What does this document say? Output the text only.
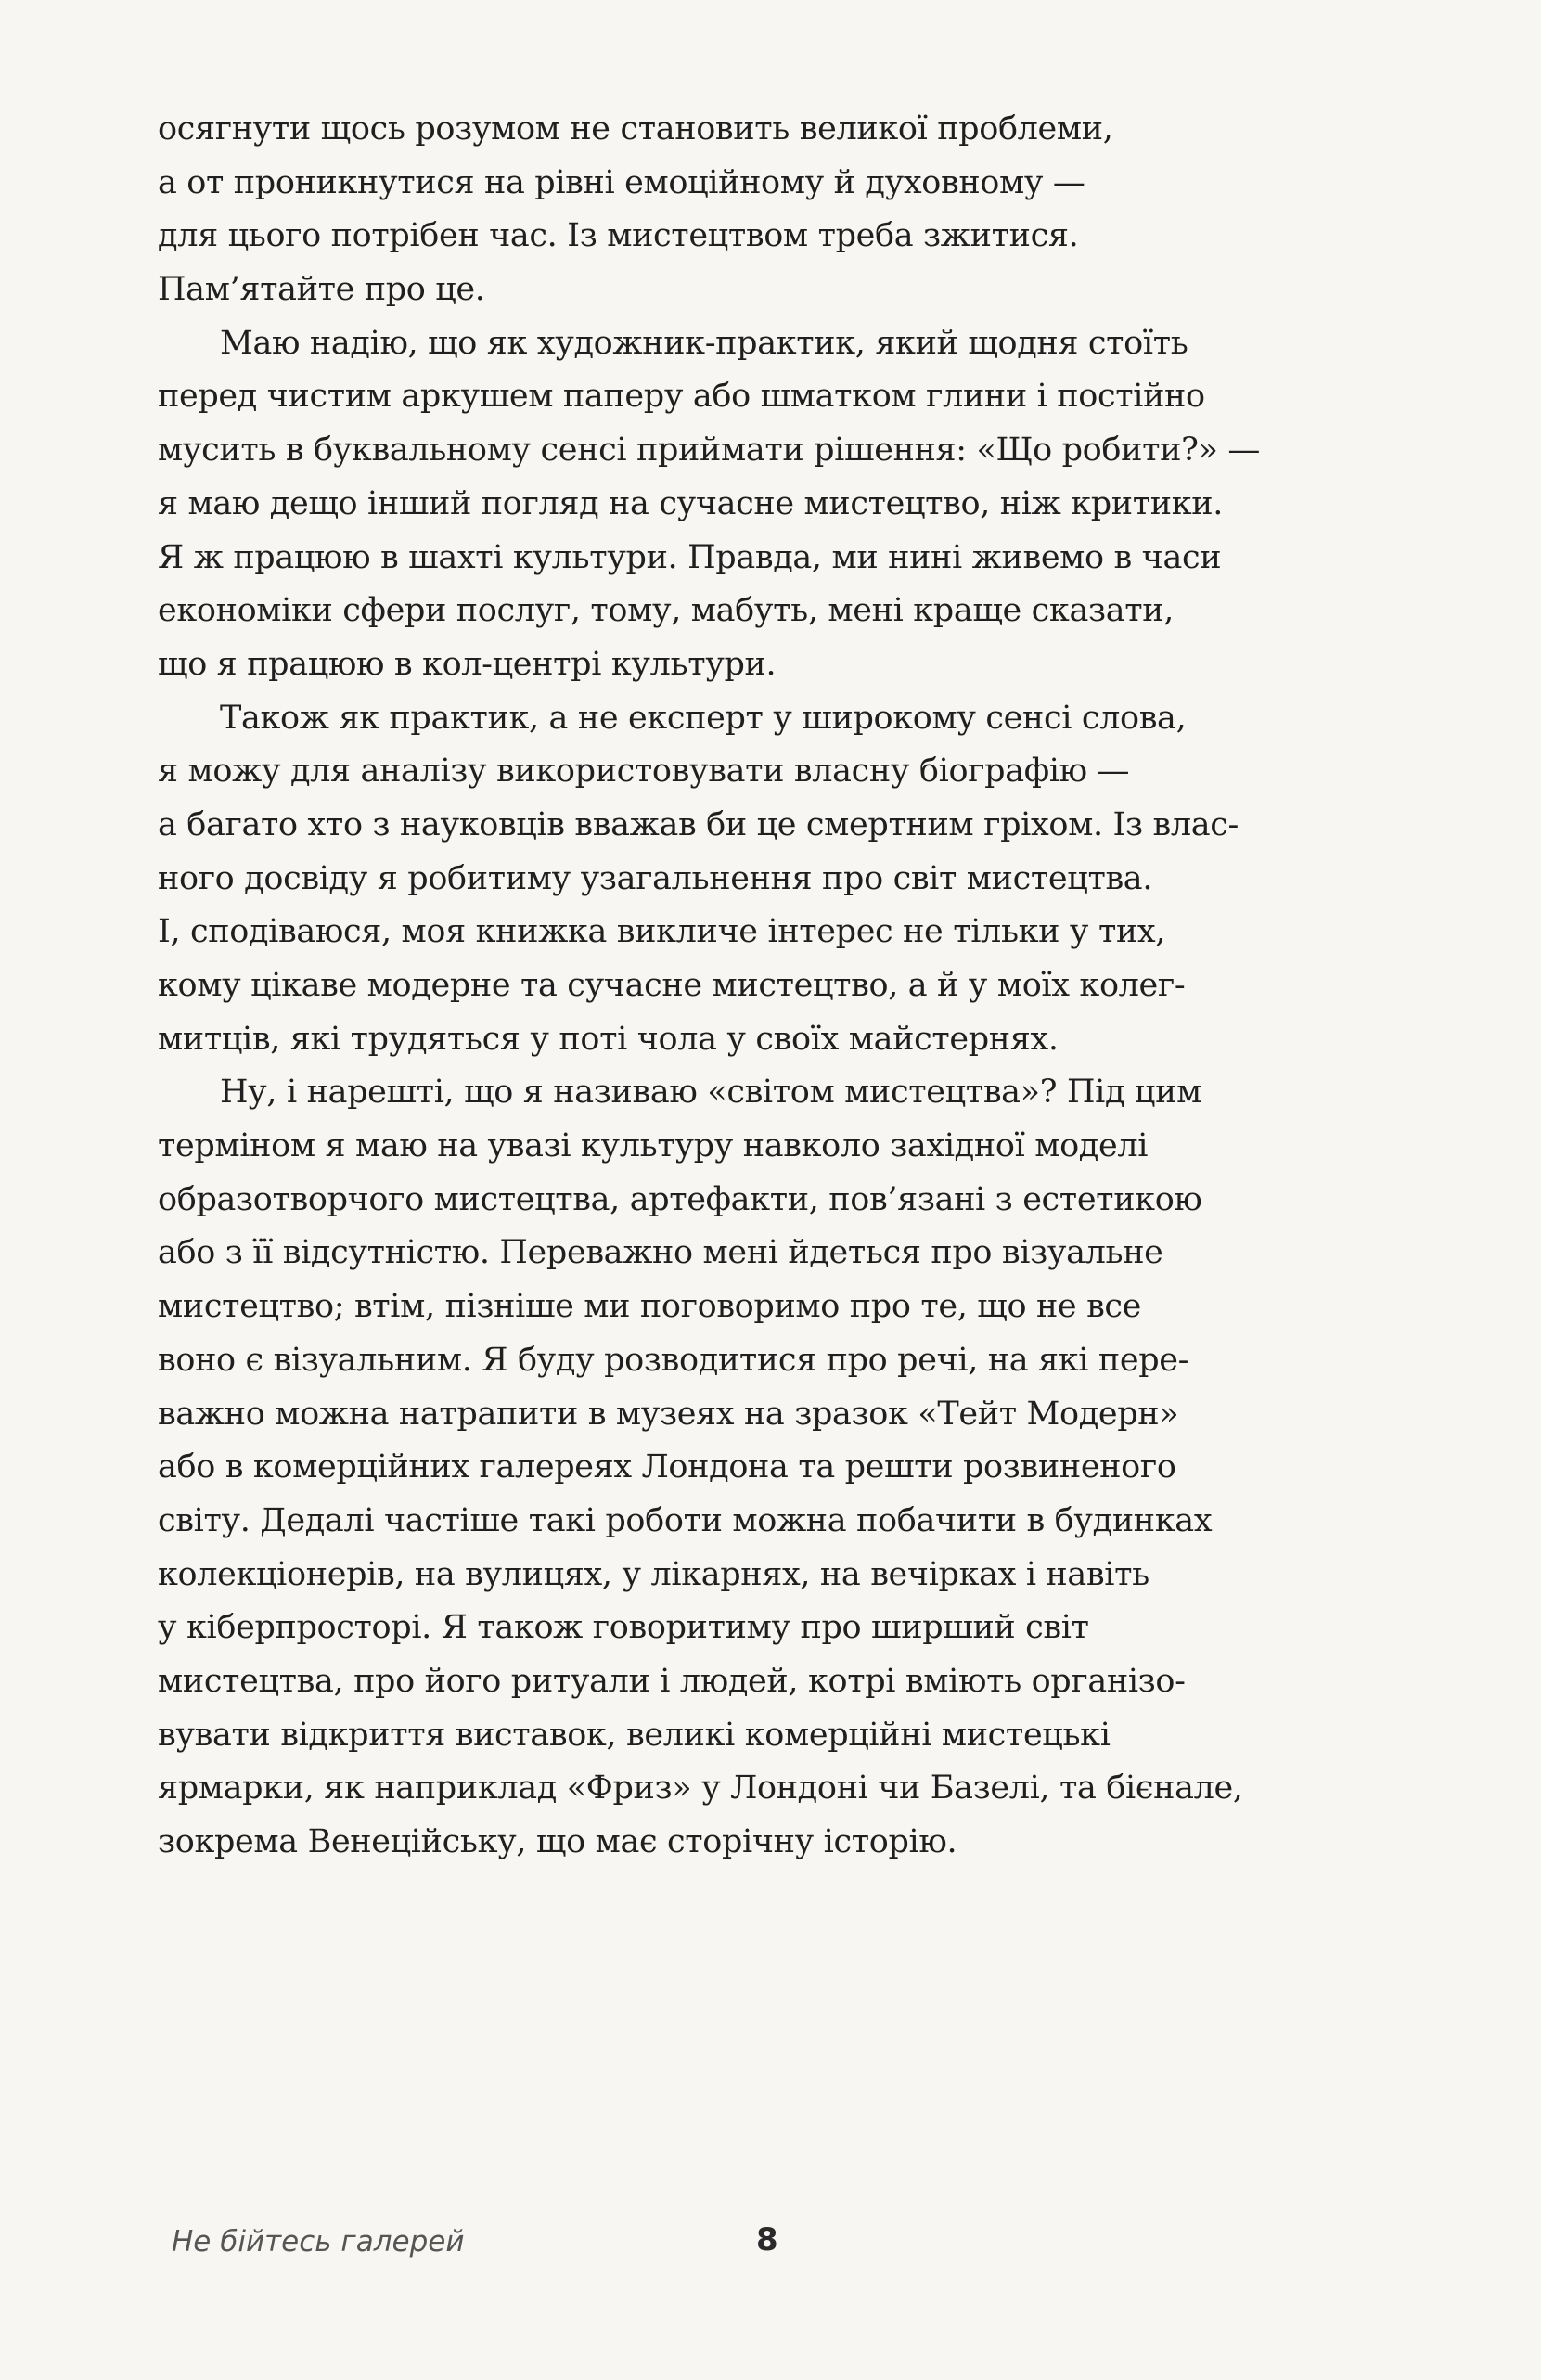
осягнути щось розумом не становить великої проблеми,
а от проникнутися на рівні емоційному й духовному —
для цього потрібен час. Із мистецтвом треба зжитися.
Пам’ятайте про це.
Маю надію, що як художник-практик, який щодня стоїть
перед чистим аркушем паперу або шматком глини і постійно
мусить в буквальному сенсі приймати рішення: «Що робити?» —
я маю дещо інший погляд на сучасне мистецтво, ніж критики.
Я ж працюю в шахті культури. Правда, ми нині живемо в часи
економіки сфери послуг, тому, мабуть, мені краще сказати,
що я працюю в кол-центрі культури.
Також як практик, а не експерт у широкому сенсі слова,
я можу для аналізу використовувати власну біографію —
а багато хто з науковців вважав би це смертним гріхом. Із влас-
ного досвіду я робитиму узагальнення про світ мистецтва.
І, сподіваюся, моя книжка викличе інтерес не тільки у тих,
кому цікаве модерне та сучасне мистецтво, а й у моїх колег-
митців, які трудяться у поті чола у своїх майстернях.
Ну, і нарешті, що я називаю «світом мистецтва»? Під цим
терміном я маю на увазі культуру навколо західної моделі
образотворчого мистецтва, артефакти, пов’язані з естетикою
або з її відсутністю. Переважно мені йдеться про візуальне
мистецтво; втім, пізніше ми поговоримо про те, що не все
воно є візуальним. Я буду розводитися про речі, на які пере-
важно можна натрапити в музеях на зразок «Тейт Модерн»
або в комерційних галереях Лондона та решти розвиненого
світу. Дедалі частіше такі роботи можна побачити в будинках
колекціонерів, на вулицях, у лікарнях, на вечірках і навіть
у кіберпросторі. Я також говоритиму про ширший світ
мистецтва, про його ритуали і людей, котрі вміють організо-
вувати відкриття виставок, великі комерційні мистецькі
ярмарки, як наприклад «Фриз» у Лондоні чи Базелі, та бієнале,
зокрема Венеційську, що має сторічну історію.
Не бійтесь галерей	8
